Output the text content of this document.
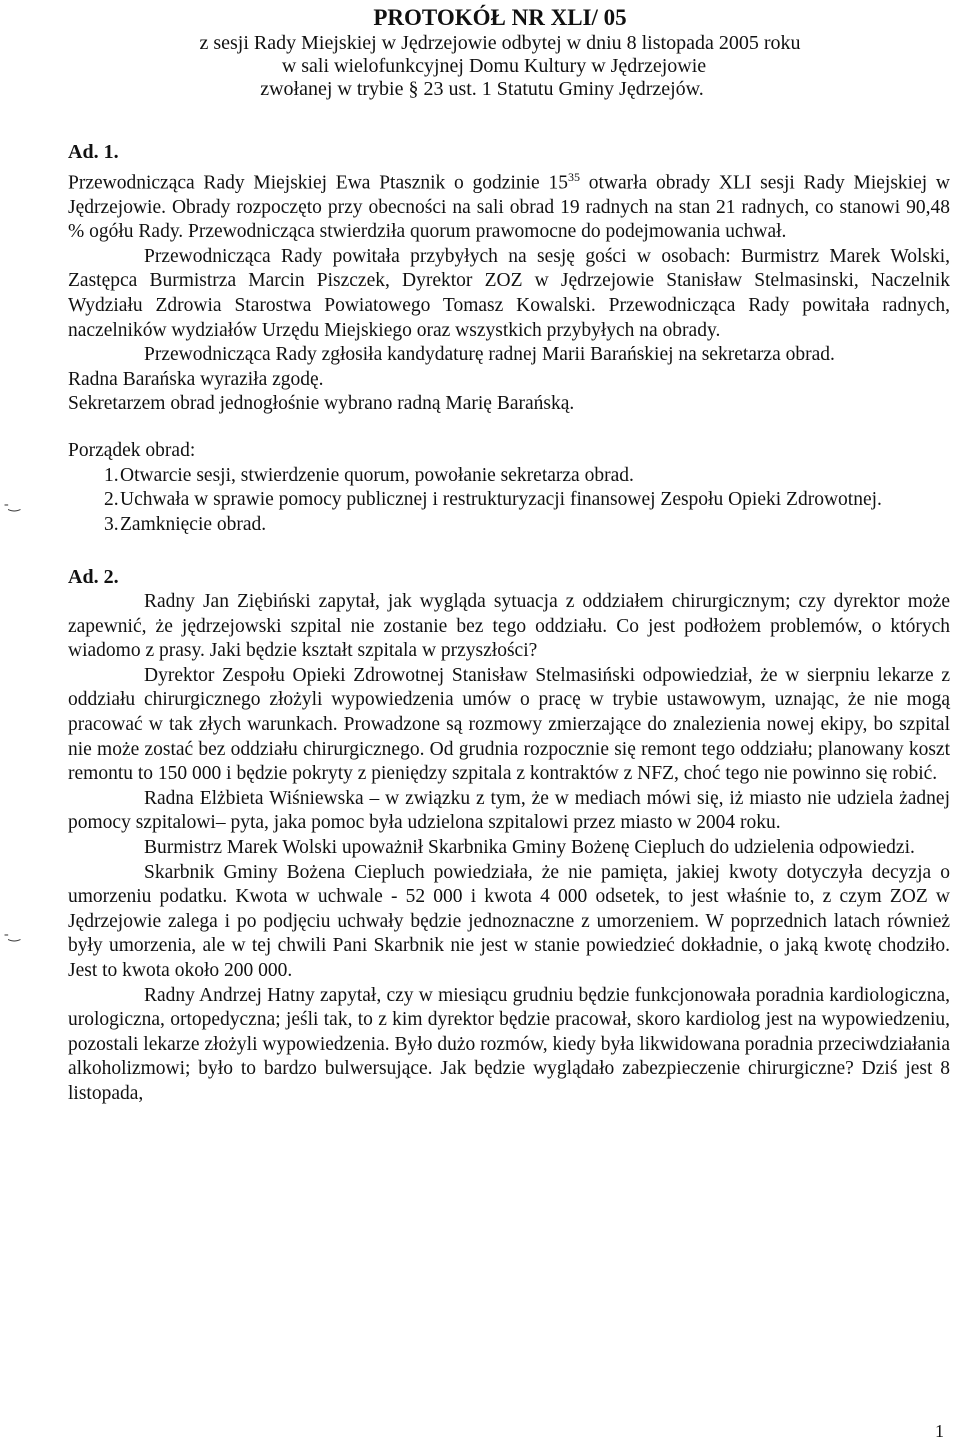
PROTOKÓŁ NR XLI/ 05
z sesji Rady Miejskiej w Jędrzejowie odbytej w dniu 8 listopada 2005 roku
w sali wielofunkcyjnej Domu Kultury w Jędrzejowie
zwołanej w trybie § 23 ust. 1 Statutu Gminy Jędrzejów.

Ad. 1.

Przewodnicząca Rady Miejskiej Ewa Ptasznik o godzinie $15^{35}$ otwarła obrady XLI sesji Rady Miejskiej w Jędrzejowie. Obrady rozpoczęto przy obecności na sali obrad 19 radnych na stan 21 radnych, co stanowi 90,48 % ogółu Rady. Przewodnicząca stwierdziła quorum prawomocne do podejmowania uchwał.

Przewodnicząca Rady powitała przybyłych na sesję gości w osobach: Burmistrz Marek Wolski, Zastępca Burmistrza Marcin Piszczek, Dyrektor ZOZ w Jędrzejowie Stanisław Stelmasinski, Naczelnik Wydziału Zdrowia Starostwa Powiatowego Tomasz Kowalski. Przewodnicząca Rady powitała radnych, naczelników wydziałów Urzędu Miejskiego oraz wszystkich przybyłych na obrady.

Przewodnicząca Rady zgłosiła kandydaturę radnej Marii Barańskiej na sekretarza obrad.

Radna Barańska wyraziła zgodę.

Sekretarzem obrad jednogłośnie wybrano radną Marię Barańską.

Porządek obrad:

1. Otwarcie sesji, stwierdzenie quorum, powołanie sekretarza obrad.
2. Uchwała w sprawie pomocy publicznej i restrukturyzacji finansowej Zespołu Opieki Zdrowotnej.
3. Zamknięcie obrad.

Ad. 2.

Radny Jan Ziębiński zapytał, jak wygląda sytuacja z oddziałem chirurgicznym; czy dyrektor może zapewnić, że jędrzejowski szpital nie zostanie bez tego oddziału. Co jest podłożem problemów, o których wiadomo z prasy. Jaki będzie kształt szpitala w przyszłości?

Dyrektor Zespołu Opieki Zdrowotnej Stanisław Stelmasiński odpowiedział, że w sierpniu lekarze z oddziału chirurgicznego złożyli wypowiedzenia umów o pracę w trybie ustawowym, uznając, że nie mogą pracować w tak złych warunkach. Prowadzone są rozmowy zmierzające do znalezienia nowej ekipy, bo szpital nie może zostać bez oddziału chirurgicznego. Od grudnia rozpocznie się remont tego oddziału; planowany koszt remontu to 150 000 i będzie pokryty z pieniędzy szpitala z kontraktów z NFZ, choć tego nie powinno się robić.

Radna Elżbieta Wiśniewska – w związku z tym, że w mediach mówi się, iż miasto nie udziela żadnej pomocy szpitalowi– pyta, jaka pomoc była udzielona szpitalowi przez miasto w 2004 roku.

Burmistrz Marek Wolski upoważnił Skarbnika Gminy Bożenę Ciepluch do udzielenia odpowiedzi.

Skarbnik Gminy Bożena Ciepluch powiedziała, że nie pamięta, jakiej kwoty dotyczyła decyzja o umorzeniu podatku. Kwota w uchwale - 52 000 i kwota 4 000 odsetek, to jest właśnie to, z czym ZOZ w Jędrzejowie zalega i po podjęciu uchwały będzie jednoznaczne z umorzeniem. W poprzednich latach również były umorzenia, ale w tej chwili Pani Skarbnik nie jest w stanie powiedzieć dokładnie, o jaką kwotę chodziło. Jest to kwota około 200 000.

Radny Andrzej Hatny zapytał, czy w miesiącu grudniu będzie funkcjonowała poradnia kardiologiczna, urologiczna, ortopedyczna; jeśli tak, to z kim dyrektor będzie pracował, skoro kardiolog jest na wypowiedzeniu, pozostali lekarze złożyli wypowiedzenia. Było dużo rozmów, kiedy była likwidowana poradnia przeciwdziałania alkoholizmowi; było to bardzo bulwersujące. Jak będzie wyglądało zabezpieczenie chirurgiczne? Dziś jest 8 listopada,

-‿
-‿
1
